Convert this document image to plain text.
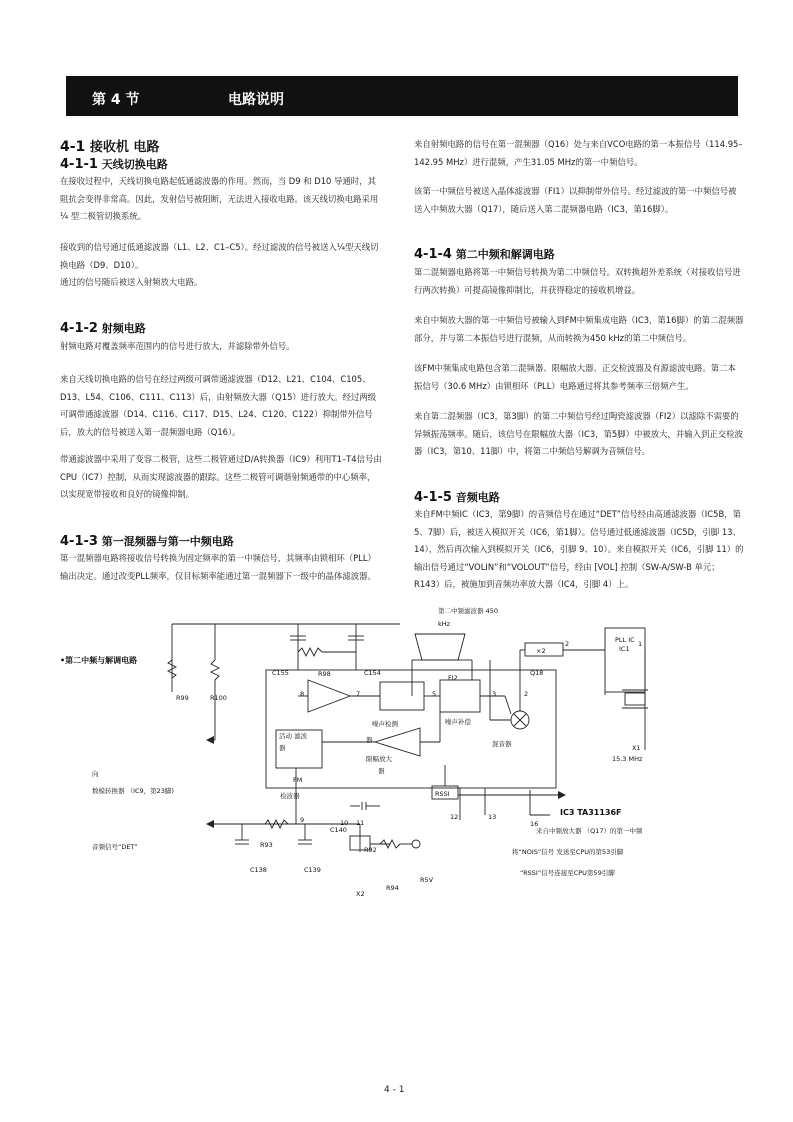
第 4 节	电路说明

4-1 接收机 电路

4-1-1 天线切换电路

在接收过程中，天线切换电路起低通滤波器的作用。然而，当 D9 和 D10 导通时，其阻抗会变得非常高。因此，发射信号被阻断，无法进入接收电路。该天线切换电路采用 ¼ 型二极管切换系统。

接收到的信号通过低通滤波器（L1、L2、C1–C5）。经过滤波的信号被送入¼型天线切换电路（D9、D10）。

通过的信号随后被送入射频放大电路。

4-1-2 射频电路

射频电路对覆盖频率范围内的信号进行放大，并滤除带外信号。

来自天线切换电路的信号在经过两级可调带通滤波器（D12、L21、C104、C105、D13、L54、C106、C111、C113）后，由射频放大器（Q15）进行放大。经过两级可调带通滤波器（D14、C116、C117、D15、L24、C120、C122）抑制带外信号后，放大的信号被送入第一混频器电路（Q16）。

带通滤波器中采用了变容二极管，这些二极管通过D/A转换器（IC9）利用T1–T4信号由CPU（IC7）控制，从而实现滤波器的跟踪。这些二极管可调谐射频通带的中心频率，以实现宽带接收和良好的镜像抑制。

4-1-3 第一混频器与第一中频电路

第一混频器电路将接收信号转换为固定频率的第一中频信号，其频率由锁相环（PLL）输出决定。通过改变PLL频率，仅目标频率能通过第一混频器下一级中的晶体滤波器。

来自射频电路的信号在第一混频器（Q16）处与来自VCO电路的第一本振信号（114.95–142.95 MHz）进行混频，产生31.05 MHz的第一中频信号。

该第一中频信号被送入晶体滤波器（FI1）以抑制带外信号。经过滤波的第一中频信号被送入中频放大器（Q17），随后送入第二混频器电路（IC3，第16脚）。

4-1-4 第二中频和解调电路

第二混频器电路将第一中频信号转换为第二中频信号。双转换超外差系统（对接收信号进行两次转换）可提高镜像抑制比，并获得稳定的接收机增益。

来自中频放大器的第一中频信号被输入到FM中频集成电路（IC3，第16脚）的第二混频器部分，并与第二本振信号进行混频，从而转换为450 kHz的第二中频信号。

该FM中频集成电路包含第二混频器、限幅放大器、正交检波器及有源滤波电路。第二本振信号（30.6 MHz）由锁相环（PLL）电路通过将其参考频率三倍频产生。

来自第二混频器（IC3，第3脚）的第二中频信号经过陶瓷滤波器（FI2）以滤除不需要的异频振荡频率。随后，该信号在限幅放大器（IC3，第5脚）中被放大，并输入到正交检波器（IC3，第10、11脚）中，将第二中频信号解调为音频信号。

4-1-5 音频电路

来自FM中频IC（IC3，第9脚）的音频信号在通过“DET”信号经由高通滤波器（IC5B，第5、7脚）后，被送入模拟开关（IC6，第1脚）。信号通过低通滤波器（IC5D，引脚 13、14），然后再次输入到模拟开关（IC6，引脚 9、10）。来自模拟开关（IC6，引脚 11）的输出信号通过“VOLIN”和“VOLOUT”信号，经由 [VOL] 控制（SW-A/SW-B 单元；R143）后，被施加到音频功率放大器（IC4，引脚 4）上。

•第二中频与解调电路
第二中频滤波器 450
kHz
PLL IC
IC1
×2
2	1
Q18
C155	R98	C154
FI2
R99	R100	8	7	5	3	2
活动 滤波
器
噪声检测
器
噪声补偿
混音器
限幅放大
器
X1
15.3 MHz
向
数模转换器 （IC9，第23脚)
FM
检波器	RSSI
IC3 TA31136F
9	10 11
12	13
16
来自中频放大器 （Q17）的第一中频
音频信号“DET”	R93
C140
R92	将“NOIS”信号 发送至CPU的第53引脚
C138	C139	“RSSI”信号连接至CPU第59引脚
R5V
R94
X2
4 - 1
